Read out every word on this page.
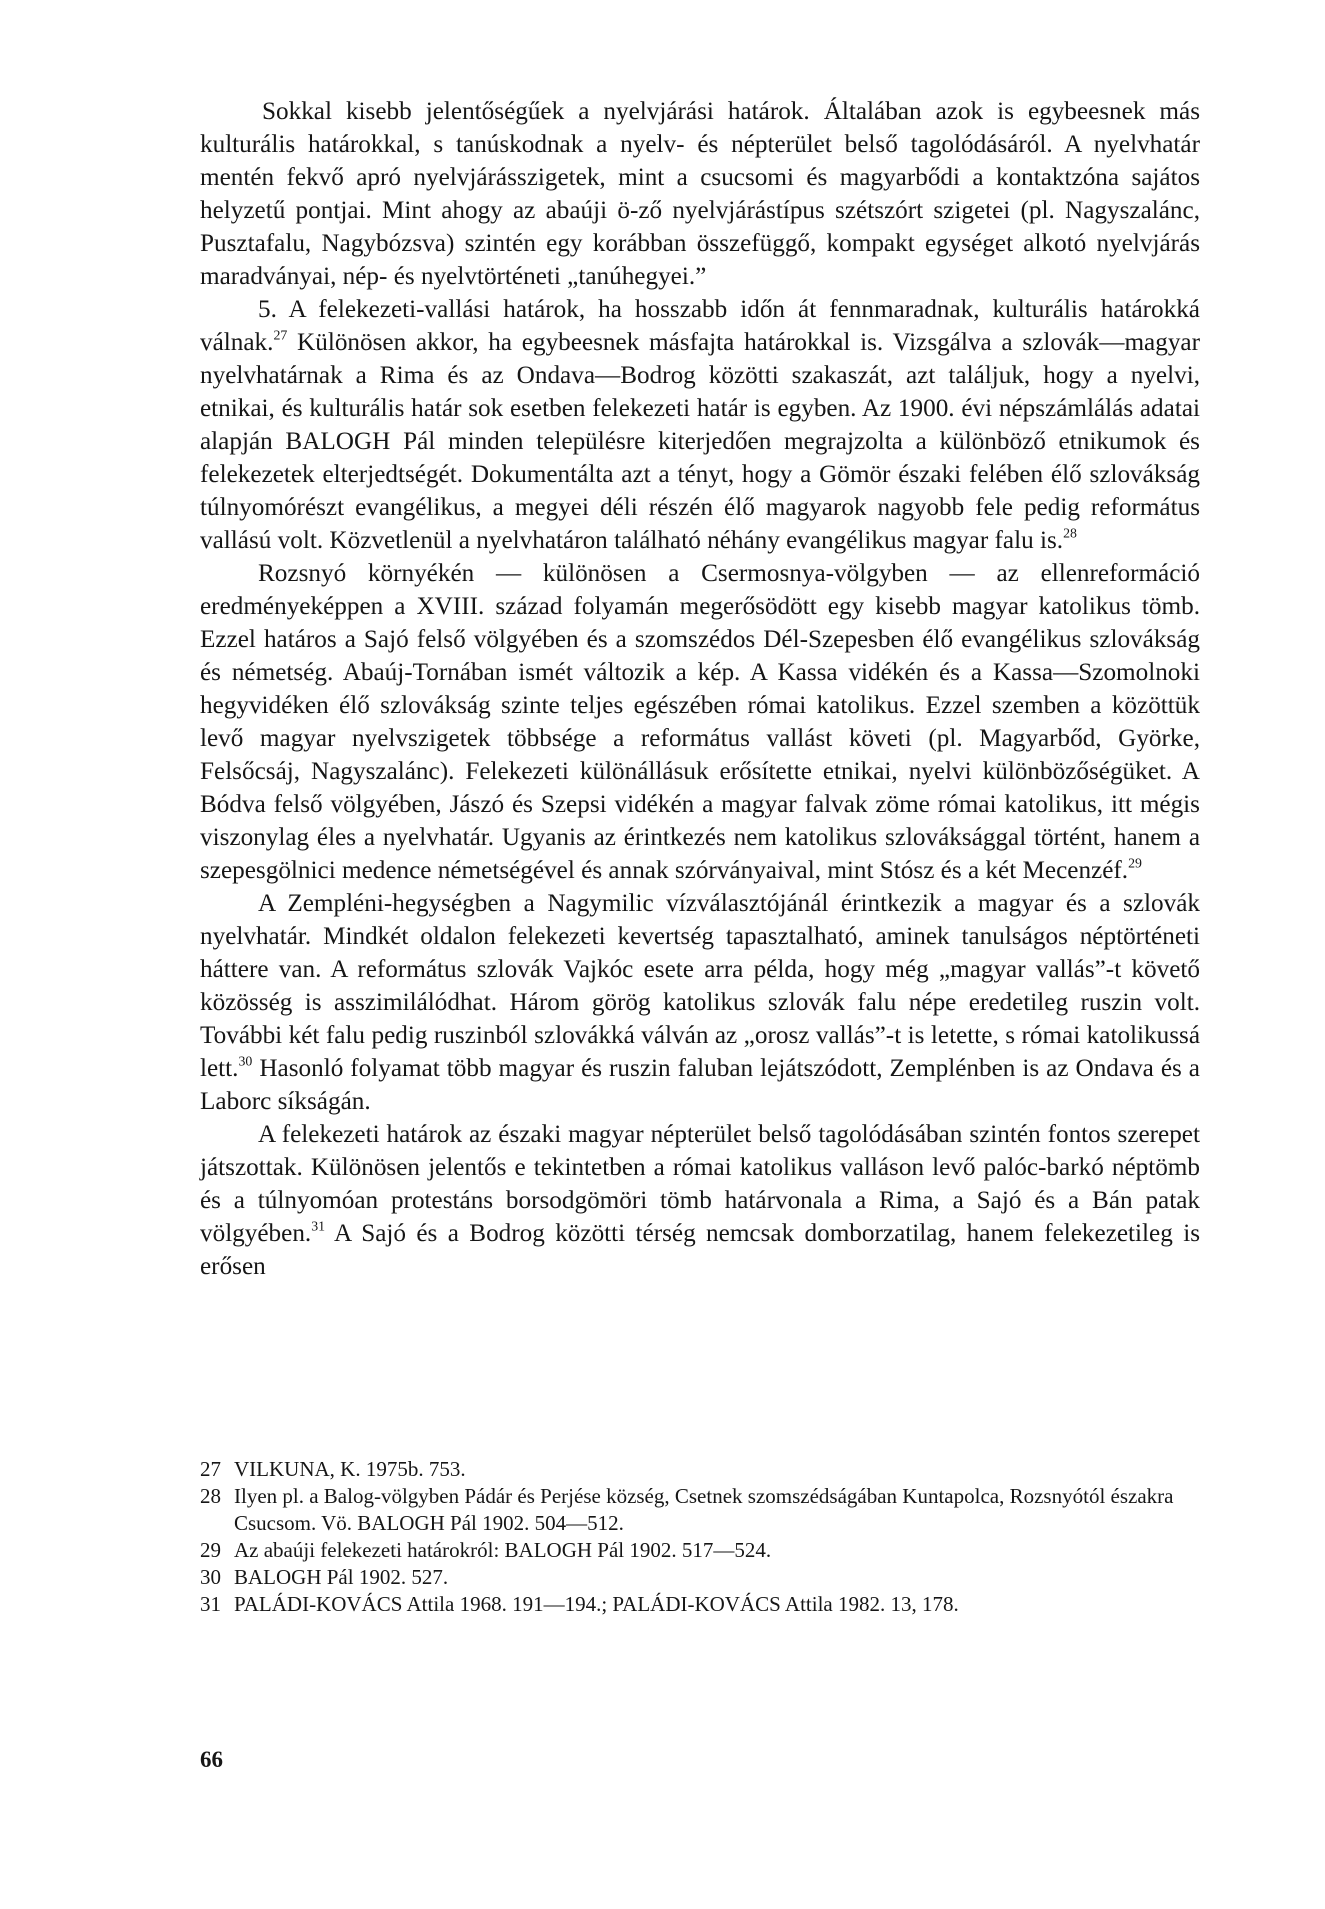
Sokkal kisebb jelentőségűek a nyelvjárási határok. Általában azok is egybeesnek más kulturális határokkal, s tanúskodnak a nyelv- és népterület belső tagolódásáról. A nyelvhatár mentén fekvő apró nyelvjárásszigetek, mint a csucsomi és magyarbődi a kontaktzóna sajátos helyzetű pontjai. Mint ahogy az abaúji ö-ző nyelvjárástípus szétszórt szigetei (pl. Nagyszalánc, Pusztafalu, Nagybózsva) szintén egy korábban összefüggő, kompakt egységet alkotó nyelvjárás maradványai, nép- és nyelvtörténeti „tanúhegyei.”

5. A felekezeti-vallási határok, ha hosszabb időn át fennmaradnak, kulturális határokká válnak.$^{27}$ Különösen akkor, ha egybeesnek másfajta határokkal is. Vizsgálva a szlovák—magyar nyelvhatárnak a Rima és az Ondava—Bodrog közötti szakaszát, azt találjuk, hogy a nyelvi, etnikai, és kulturális határ sok esetben felekezeti határ is egyben. Az 1900. évi népszámlálás adatai alapján BALOGH Pál minden településre kiterjedően megrajzolta a különböző etnikumok és felekezetek elterjedtségét. Dokumentálta azt a tényt, hogy a Gömör északi felében élő szlovákság túlnyomórészt evangélikus, a megyei déli részén élő magyarok nagyobb fele pedig református vallású volt. Közvetlenül a nyelvhatáron található néhány evangélikus magyar falu is.$^{28}$

Rozsnyó környékén — különösen a Csermosnya-völgyben — az ellenreformáció eredményeképpen a XVIII. század folyamán megerősödött egy kisebb magyar katolikus tömb. Ezzel határos a Sajó felső völgyében és a szomszédos Dél-Szepesben élő evangélikus szlovákság és németség. Abaúj-Tornában ismét változik a kép. A Kassa vidékén és a Kassa—Szomolnoki hegyvidéken élő szlovákság szinte teljes egészében római katolikus. Ezzel szemben a közöttük levő magyar nyelvszigetek többsége a református vallást követi (pl. Magyarbőd, Györke, Felsőcsáj, Nagyszalánc). Felekezeti különállásuk erősítette etnikai, nyelvi különbözőségüket. A Bódva felső völgyében, Jászó és Szepsi vidékén a magyar falvak zöme római katolikus, itt mégis viszonylag éles a nyelvhatár. Ugyanis az érintkezés nem katolikus szlováksággal történt, hanem a szepesgölnici medence németségével és annak szórványaival, mint Stósz és a két Mecenzéf.$^{29}$

A Zempléni-hegységben a Nagymilic vízválasztójánál érintkezik a magyar és a szlovák nyelvhatár. Mindkét oldalon felekezeti kevertség tapasztalható, aminek tanulságos néptörténeti háttere van. A református szlovák Vajkóc esete arra példa, hogy még „magyar vallás”-t követő közösség is asszimilálódhat. Három görög katolikus szlovák falu népe eredetileg ruszin volt. További két falu pedig ruszinból szlovákká válván az „orosz vallás”-t is letette, s római katolikussá lett.$^{30}$ Hasonló folyamat több magyar és ruszin faluban lejátszódott, Zemplénben is az Ondava és a Laborc síkságán.

A felekezeti határok az északi magyar népterület belső tagolódásában szintén fontos szerepet játszottak. Különösen jelentős e tekintetben a római katolikus valláson levő palóc-barkó néptömb és a túlnyomóan protestáns borsodgömöri tömb határvonala a Rima, a Sajó és a Bán patak völgyében.$^{31}$ A Sajó és a Bodrog közötti térség nemcsak domborzatilag, hanem felekezetileg is erősen

27 VILKUNA, K. 1975b. 753.
28 Ilyen pl. a Balog-völgyben Pádár és Perjése község, Csetnek szomszédságában Kuntapolca, Rozsnyótól északra Csucsom. Vö. BALOGH Pál 1902. 504—512.
29 Az abaúji felekezeti határokról: BALOGH Pál 1902. 517—524.
30 BALOGH Pál 1902. 527.
31 PALÁDI-KOVÁCS Attila 1968. 191—194.; PALÁDI-KOVÁCS Attila 1982. 13, 178.
66
